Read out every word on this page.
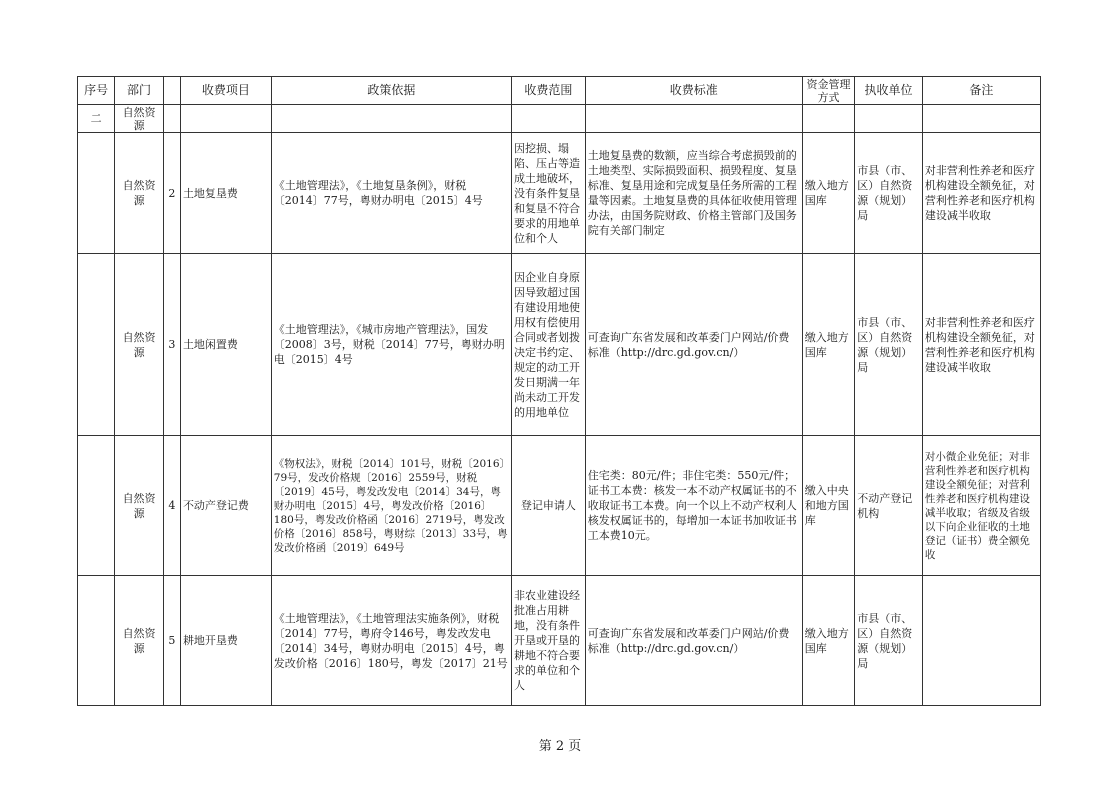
序号	部门		收费项目	政策依据	收费范围	收费标准	资金管理方式	执收单位	备注
二	自然资源								
	自然资源	2	土地复垦费	《土地管理法》，《土地复垦条例》，财税〔2014〕77号，粤财办明电〔2015〕4号	因挖损、塌陷、压占等造成土地破坏，没有条件复垦和复垦不符合要求的用地单位和个人	土地复垦费的数额，应当综合考虑损毁前的土地类型、实际损毁面积、损毁程度、复垦标准、复垦用途和完成复垦任务所需的工程量等因素。土地复垦费的具体征收使用管理办法，由国务院财政、价格主管部门及国务院有关部门制定	缴入地方国库	市县（市、区）自然资源（规划）局	对非营利性养老和医疗机构建设全额免征，对营利性养老和医疗机构建设减半收取
	自然资源	3	土地闲置费	《土地管理法》，《城市房地产管理法》，国发〔2008〕3号，财税〔2014〕77号，粤财办明电〔2015〕4号	因企业自身原因导致超过国有建设用地使用权有偿使用合同或者划拨决定书约定、规定的动工开发日期满一年尚未动工开发的用地单位	可查询广东省发展和改革委门户网站/价费标准（http://drc.gd.gov.cn/）	缴入地方国库	市县（市、区）自然资源（规划）局	对非营利性养老和医疗机构建设全额免征，对营利性养老和医疗机构建设减半收取
	自然资源	4	不动产登记费	《物权法》，财税〔2014〕101号，财税〔2016〕79号，发改价格规〔2016〕2559号，财税〔2019〕45号，粤发改发电〔2014〕34号，粤财办明电〔2015〕4号，粤发改价格〔2016〕180号，粤发改价格函〔2016〕2719号，粤发改价格〔2016〕858号，粤财综〔2013〕33号，粤发改价格函〔2019〕649号	登记申请人	住宅类：80元/件；非住宅类：550元/件；证书工本费：核发一本不动产权属证书的不收取证书工本费。向一个以上不动产权利人核发权属证书的，每增加一本证书加收证书工本费10元。	缴入中央和地方国库	不动产登记机构	对小微企业免征；对非营利性养老和医疗机构建设全额免征；对营利性养老和医疗机构建设减半收取；省级及省级以下向企业征收的土地登记（证书）费全额免收
	自然资源	5	耕地开垦费	《土地管理法》，《土地管理法实施条例》，财税〔2014〕77号，粤府令146号，粤发改发电〔2014〕34号，粤财办明电〔2015〕4号，粤发改价格〔2016〕180号，粤发〔2017〕21号	非农业建设经批准占用耕地，没有条件开垦或开垦的耕地不符合要求的单位和个人	可查询广东省发展和改革委门户网站/价费标准（http://drc.gd.gov.cn/）	缴入地方国库	市县（市、区）自然资源（规划）局	
第 2 页
